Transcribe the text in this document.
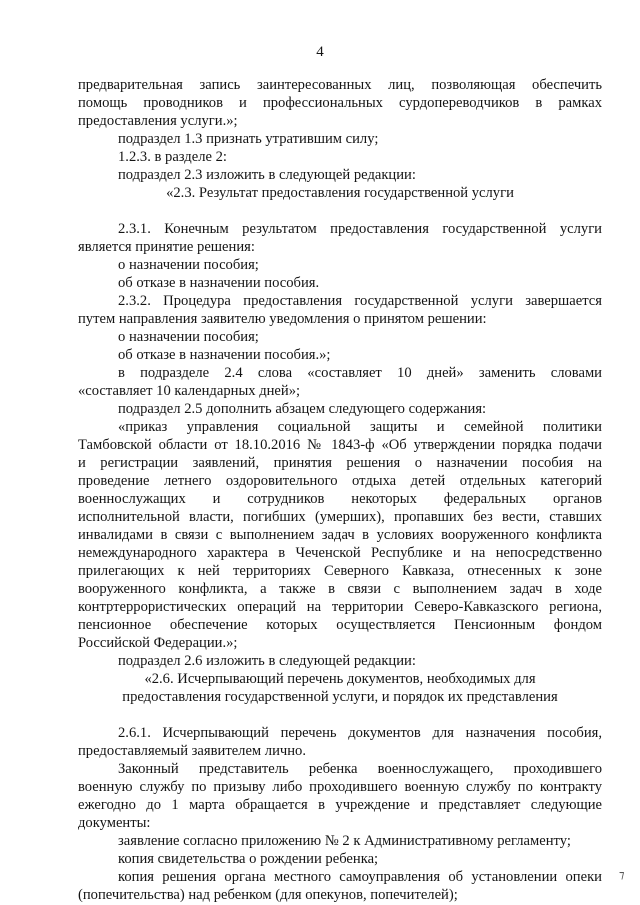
4

предварительная запись заинтересованных лиц, позволяющая обеспечить

помощь проводников и профессиональных сурдопереводчиков в рамках

предоставления услуги.»;

подраздел 1.3 признать утратившим силу;

1.2.3. в разделе 2:

подраздел 2.3 изложить в следующей редакции:

«2.3. Результат предоставления государственной услуги

2.3.1. Конечным результатом предоставления государственной услуги

является принятие решения:

о назначении пособия;

об отказе в назначении пособия.

2.3.2. Процедура предоставления государственной услуги завершается

путем направления заявителю уведомления о принятом решении:

о назначении пособия;

об отказе в назначении пособия.»;

в подразделе 2.4 слова «составляет 10 дней» заменить словами

«составляет 10 календарных дней»;

подраздел 2.5 дополнить абзацем следующего содержания:

«приказ управления социальной защиты и семейной политики

Тамбовской области от 18.10.2016 № 1843-ф «Об утверждении порядка подачи

и регистрации заявлений, принятия решения о назначении пособия на

проведение летнего оздоровительного отдыха детей отдельных категорий

военнослужащих и сотрудников некоторых федеральных органов

исполнительной власти, погибших (умерших), пропавших без вести, ставших

инвалидами в связи с выполнением задач в условиях вооруженного конфликта

немеждународного характера в Чеченской Республике и на непосредственно

прилегающих к ней территориях Северного Кавказа, отнесенных к зоне

вооруженного конфликта, а также в связи с выполнением задач в ходе

контртеррористических операций на территории Северо-Кавказского региона,

пенсионное обеспечение которых осуществляется Пенсионным фондом

Российской Федерации.»;

подраздел 2.6 изложить в следующей редакции:

«2.6. Исчерпывающий перечень документов, необходимых для

предоставления государственной услуги, и порядок их представления

2.6.1. Исчерпывающий перечень документов для назначения пособия,

предоставляемый заявителем лично.

Законный представитель ребенка военнослужащего, проходившего

военную службу по призыву либо проходившего военную службу по контракту

ежегодно до 1 марта обращается в учреждение и представляет следующие

документы:

заявление согласно приложению № 2 к Административному регламенту;

копия свидетельства о рождении ребенка;

копия решения органа местного самоуправления об установлении опеки

(попечительства) над ребенком (для опекунов, попечителей);

⁊
